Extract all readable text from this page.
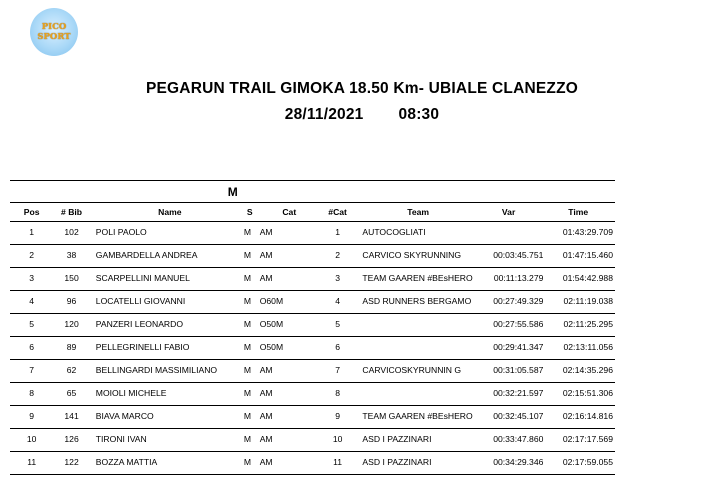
PICO
SPORT
PEGARUN TRAIL GIMOKA 18.50 Km- UBIALE CLANEZZO
28/11/2021 08:30
M								
Pos	# Bib	Name	S	Cat	#Cat	Team	Var	Time
1	102	POLI PAOLO	M	AM	1	AUTOCOGLIATI		01:43:29.709
2	38	GAMBARDELLA ANDREA	M	AM	2	CARVICO SKYRUNNING	00:03:45.751	01:47:15.460
3	150	SCARPELLINI MANUEL	M	AM	3	TEAM GAAREN #BEsHERO	00:11:13.279	01:54:42.988
4	96	LOCATELLI GIOVANNI	M	O60M	4	ASD RUNNERS BERGAMO	00:27:49.329	02:11:19.038
5	120	PANZERI LEONARDO	M	O50M	5		00:27:55.586	02:11:25.295
6	89	PELLEGRINELLI FABIO	M	O50M	6		00:29:41.347	02:13:11.056
7	62	BELLINGARDI MASSIMILIANO	M	AM	7	CARVICOSKYRUNNIN G	00:31:05.587	02:14:35.296
8	65	MOIOLI MICHELE	M	AM	8		00:32:21.597	02:15:51.306
9	141	BIAVA MARCO	M	AM	9	TEAM GAAREN #BEsHERO	00:32:45.107	02:16:14.816
10	126	TIRONI IVAN	M	AM	10	ASD I PAZZINARI	00:33:47.860	02:17:17.569
11	122	BOZZA MATTIA	M	AM	11	ASD I PAZZINARI	00:34:29.346	02:17:59.055
